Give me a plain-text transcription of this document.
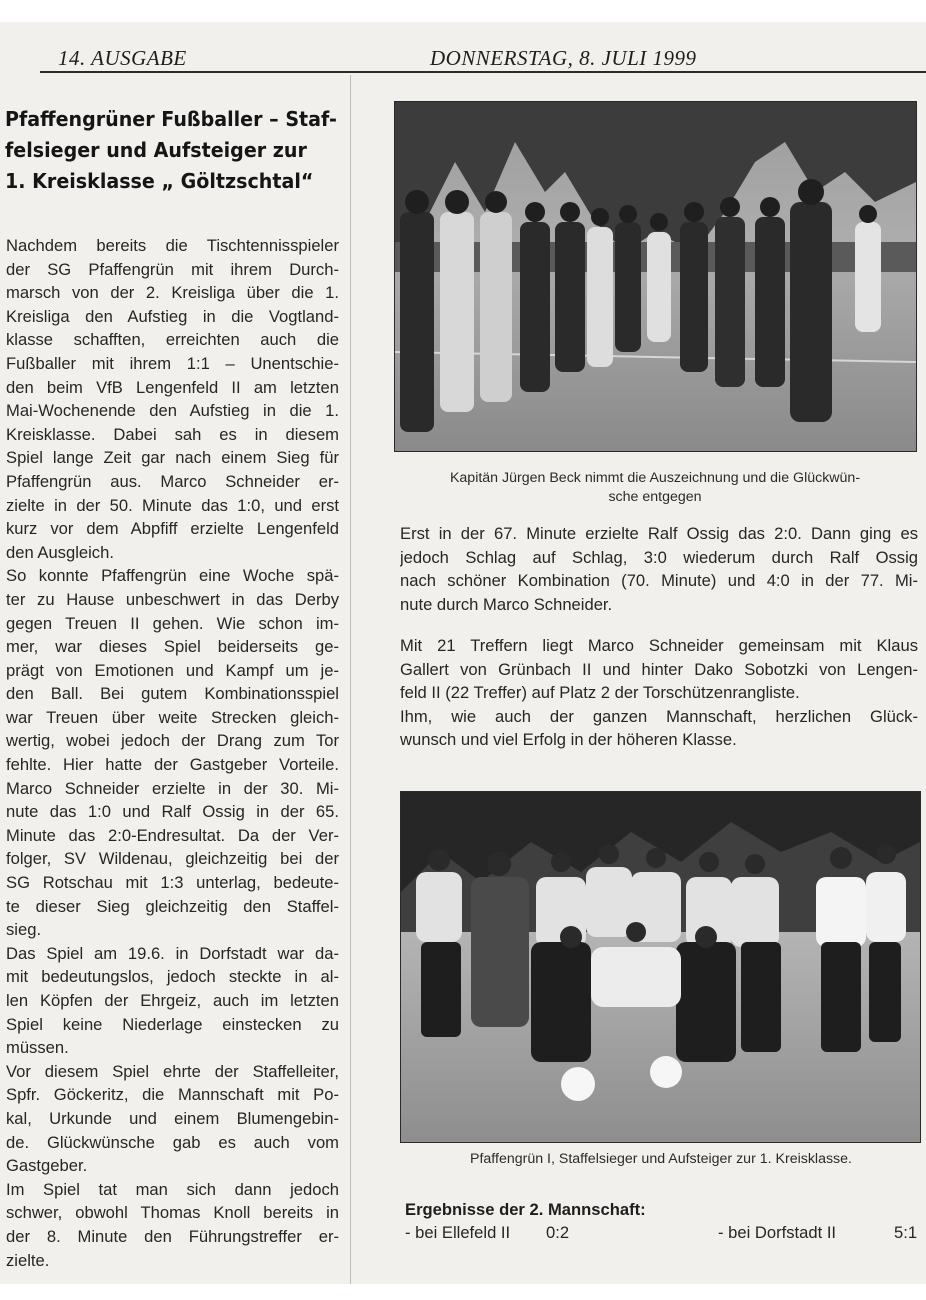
14. AUSGABE	DONNERSTAG, 8. JULI 1999
Pfaffengrüner Fußballer – Staf-
felsieger und Aufsteiger zur
1. Kreisklasse „ Göltzschtal“
Nachdem bereits die Tischtennisspieler
der SG Pfaffengrün mit ihrem Durch-
marsch von der 2. Kreisliga über die 1.
Kreisliga den Aufstieg in die Vogtland-
klasse schafften, erreichten auch die
Fußballer mit ihrem 1:1 – Unentschie-
den beim VfB Lengenfeld II am letzten
Mai-Wochenende den Aufstieg in die 1.
Kreisklasse. Dabei sah es in diesem
Spiel lange Zeit gar nach einem Sieg für
Pfaffengrün aus. Marco Schneider er-
zielte in der 50. Minute das 1:0, und erst
kurz vor dem Abpfiff erzielte Lengenfeld
den Ausgleich.
So konnte Pfaffengrün eine Woche spä-
ter zu Hause unbeschwert in das Derby
gegen Treuen II gehen. Wie schon im-
mer, war dieses Spiel beiderseits ge-
prägt von Emotionen und Kampf um je-
den Ball. Bei gutem Kombinationsspiel
war Treuen über weite Strecken gleich-
wertig, wobei jedoch der Drang zum Tor
fehlte. Hier hatte der Gastgeber Vorteile.
Marco Schneider erzielte in der 30. Mi-
nute das 1:0 und Ralf Ossig in der 65.
Minute das 2:0-Endresultat. Da der Ver-
folger, SV Wildenau, gleichzeitig bei der
SG Rotschau mit 1:3 unterlag, bedeute-
te dieser Sieg gleichzeitig den Staffel-
sieg.
Das Spiel am 19.6. in Dorfstadt war da-
mit bedeutungslos, jedoch steckte in al-
len Köpfen der Ehrgeiz, auch im letzten
Spiel keine Niederlage einstecken zu
müssen.
Vor diesem Spiel ehrte der Staffelleiter,
Spfr. Göckeritz, die Mannschaft mit Po-
kal, Urkunde und einem Blumengebin-
de. Glückwünsche gab es auch vom
Gastgeber.
Im Spiel tat man sich dann jedoch
schwer, obwohl Thomas Knoll bereits in
der 8. Minute den Führungstreffer er-
zielte.
Kapitän Jürgen Beck nimmt die Auszeichnung und die Glückwün-
sche entgegen
Erst in der 67. Minute erzielte Ralf Ossig das 2:0. Dann ging es
jedoch Schlag auf Schlag, 3:0 wiederum durch Ralf Ossig
nach schöner Kombination (70. Minute) und 4:0 in der 77. Mi-
nute durch Marco Schneider.
Mit 21 Treffern liegt Marco Schneider gemeinsam mit Klaus
Gallert von Grünbach II und hinter Dako Sobotzki von Lengen-
feld II (22 Treffer) auf Platz 2 der Torschützenrangliste.
Ihm, wie auch der ganzen Mannschaft, herzlichen Glück-
wunsch und viel Erfolg in der höheren Klasse.
Pfaffengrün I, Staffelsieger und Aufsteiger zur 1. Kreisklasse.
Ergebnisse der 2. Mannschaft:
- bei Ellefeld II 0:2	- bei Dorfstadt II	5:1
